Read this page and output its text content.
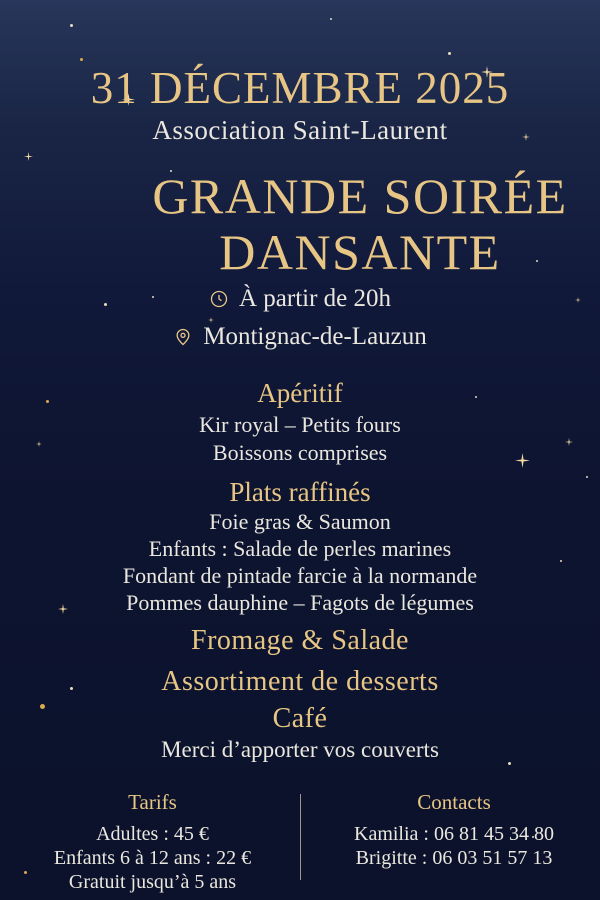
31 DÉCEMBRE 2025
Association Saint-Laurent
GRANDE SOIRÉE DANSANTE
À partir de 20h
Montignac-de-Lauzun
Apéritif
Kir royal – Petits fours
Boissons comprises
Plats raffinés
Foie gras & Saumon
Enfants : Salade de perles marines
Fondant de pintade farcie à la normande
Pommes dauphine – Fagots de légumes
Fromage & Salade
Assortiment de desserts
Café
Merci d’apporter vos couverts
Tarifs
Adultes : 45 €
Enfants 6 à 12 ans : 22 €
Gratuit jusqu’à 5 ans
Contacts
Kamilia : 06 81 45 34 80
Brigitte : 06 03 51 57 13
